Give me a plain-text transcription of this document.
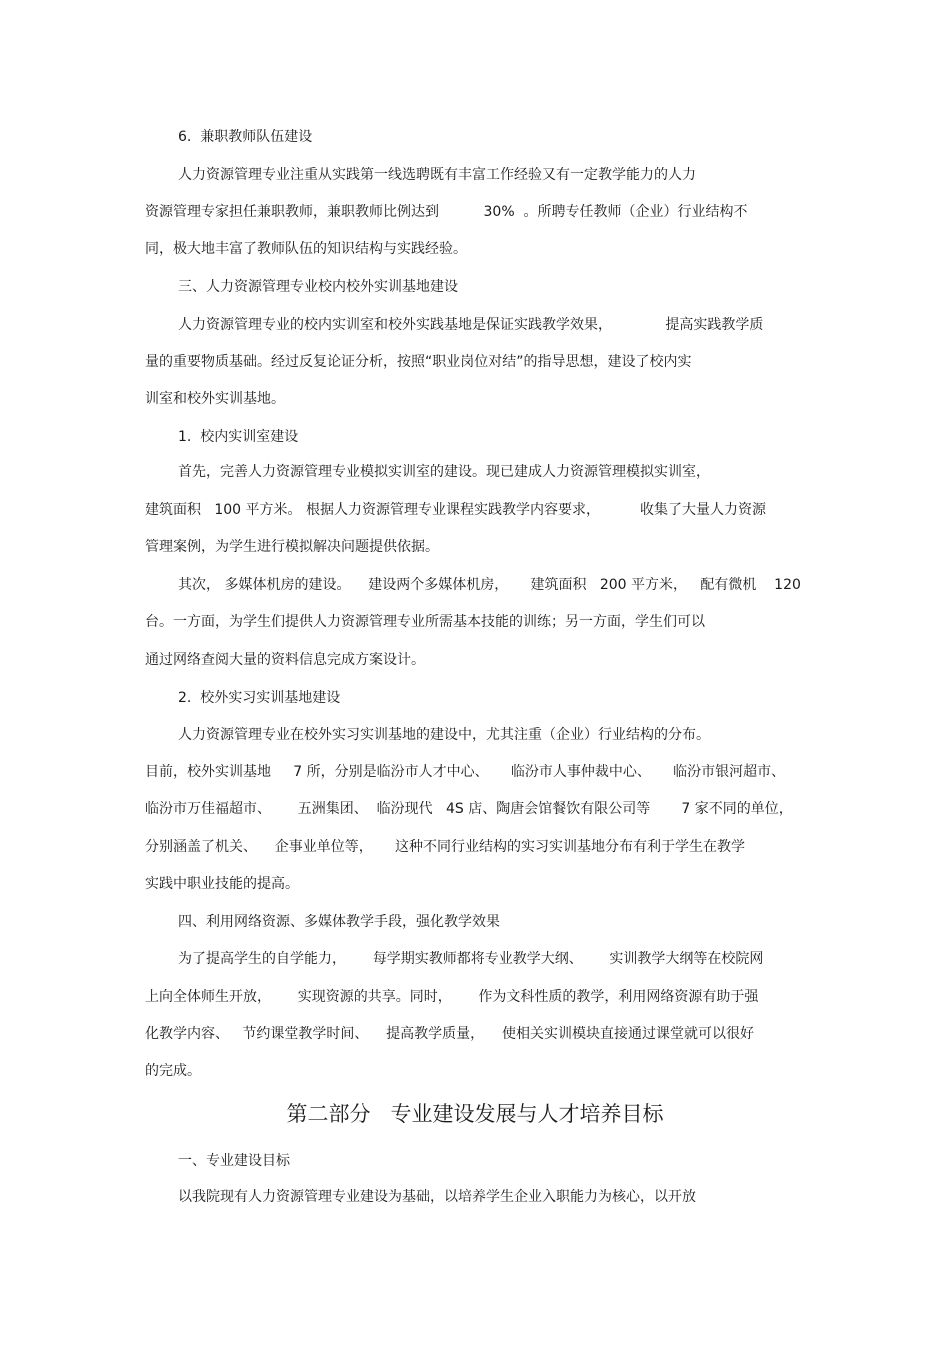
6.  兼职教师队伍建设

人力资源管理专业注重从实践第一线选聘既有丰富工作经验又有一定教学能力的人力

资源管理专家担任兼职教师，兼职教师比例达到          30%  。所聘专任教师（企业）行业结构不

同，极大地丰富了教师队伍的知识结构与实践经验。

三、人力资源管理专业校内校外实训基地建设

人力资源管理专业的校内实训室和校外实践基地是保证实践教学效果，            提高实践教学质

量的重要物质基础。经过反复论证分析，按照“职业岗位对结”的指导思想，建设了校内实

训室和校外实训基地。

1.  校内实训室建设

首先，完善人力资源管理专业模拟实训室的建设。现已建成人力资源管理模拟实训室，

建筑面积   100 平方米。 根据人力资源管理专业课程实践教学内容要求，         收集了大量人力资源

管理案例，为学生进行模拟解决问题提供依据。

其次， 多媒体机房的建设。    建设两个多媒体机房，     建筑面积   200 平方米，   配有微机    120

台。一方面，为学生们提供人力资源管理专业所需基本技能的训练；另一方面，学生们可以

通过网络查阅大量的资料信息完成方案设计。

2.  校外实习实训基地建设

人力资源管理专业在校外实习实训基地的建设中，尤其注重（企业）行业结构的分布。

目前，校外实训基地     7 所，分别是临汾市人才中心、     临汾市人事仲裁中心、     临汾市银河超市、

临汾市万佳福超市、      五洲集团、  临汾现代   4S 店、陶唐会馆餐饮有限公司等       7 家不同的单位，

分别涵盖了机关、    企事业单位等，     这种不同行业结构的实习实训基地分布有利于学生在教学

实践中职业技能的提高。

四、利用网络资源、多媒体教学手段，强化教学效果

为了提高学生的自学能力，      每学期实教师都将专业教学大纲、      实训教学大纲等在校院网

上向全体师生开放，      实现资源的共享。同时，      作为文科性质的教学，利用网络资源有助于强

化教学内容、   节约课堂教学时间、    提高教学质量，    使相关实训模块直接通过课堂就可以很好

的完成。

第二部分   专业建设发展与人才培养目标

一、专业建设目标

以我院现有人力资源管理专业建设为基础，以培养学生企业入职能力为核心，以开放
